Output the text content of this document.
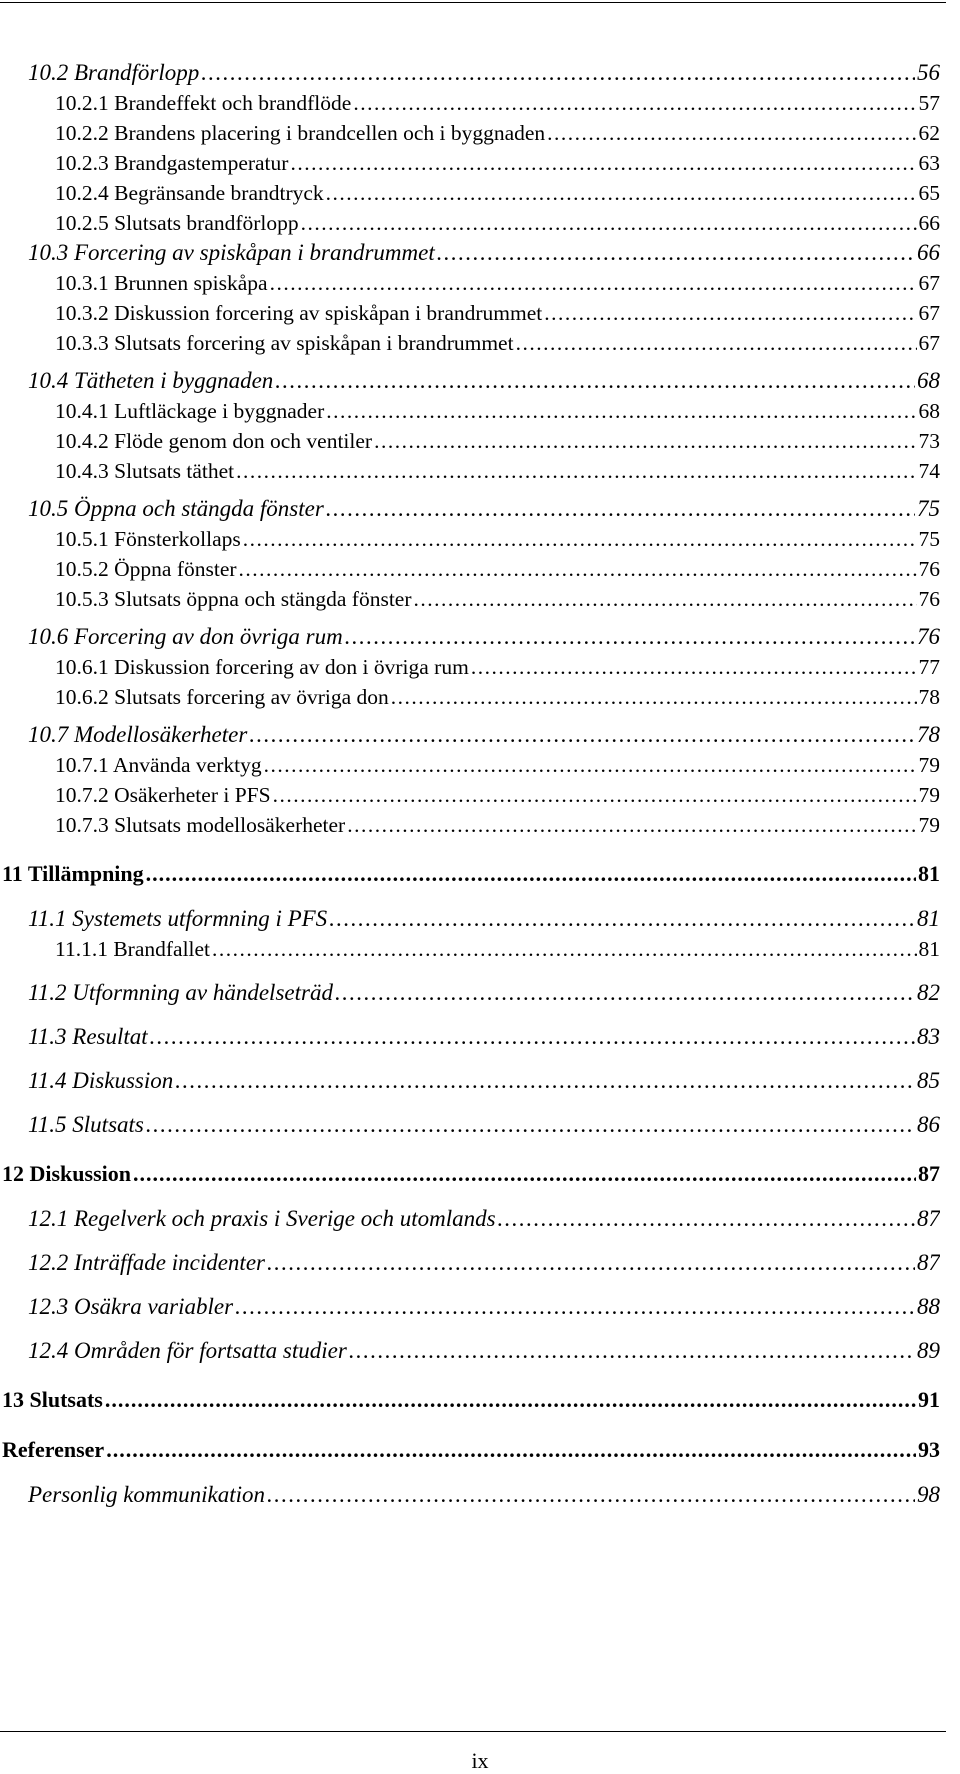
10.2 Brandförlopp .....	56
10.2.1 Brandeffekt och brandflöde .....	57
10.2.2 Brandens placering i brandcellen och i byggnaden .....	62
10.2.3 Brandgastemperatur .....	63
10.2.4 Begränsande brandtryck .....	65
10.2.5 Slutsats brandförlopp .....	66
10.3 Forcering av spiskåpan i brandrummet .....	66
10.3.1 Brunnen spiskåpa .....	67
10.3.2 Diskussion forcering av spiskåpan i brandrummet .....	67
10.3.3 Slutsats forcering av spiskåpan i brandrummet .....	67
10.4 Tätheten i byggnaden .....	68
10.4.1 Luftläckage i byggnader .....	68
10.4.2 Flöde genom don och ventiler .....	73
10.4.3 Slutsats täthet .....	74
10.5 Öppna och stängda fönster .....	75
10.5.1 Fönsterkollaps .....	75
10.5.2 Öppna fönster .....	76
10.5.3 Slutsats öppna och stängda fönster .....	76
10.6 Forcering av don övriga rum .....	76
10.6.1 Diskussion forcering av don i övriga rum .....	77
10.6.2 Slutsats forcering av övriga don .....	78
10.7 Modellosäkerheter .....	78
10.7.1 Använda verktyg .....	79
10.7.2 Osäkerheter i PFS .....	79
10.7.3 Slutsats modellosäkerheter .....	79
11 Tillämpning .....	81
11.1 Systemets utformning i PFS .....	81
11.1.1 Brandfallet .....	81
11.2 Utformning av händelseträd .....	82
11.3 Resultat .....	83
11.4 Diskussion .....	85
11.5 Slutsats .....	86
12 Diskussion .....	87
12.1 Regelverk och praxis i Sverige och utomlands .....	87
12.2 Inträffade incidenter .....	87
12.3 Osäkra variabler .....	88
12.4 Områden för fortsatta studier .....	89
13 Slutsats .....	91
Referenser .....	93
Personlig kommunikation .....	98
ix
